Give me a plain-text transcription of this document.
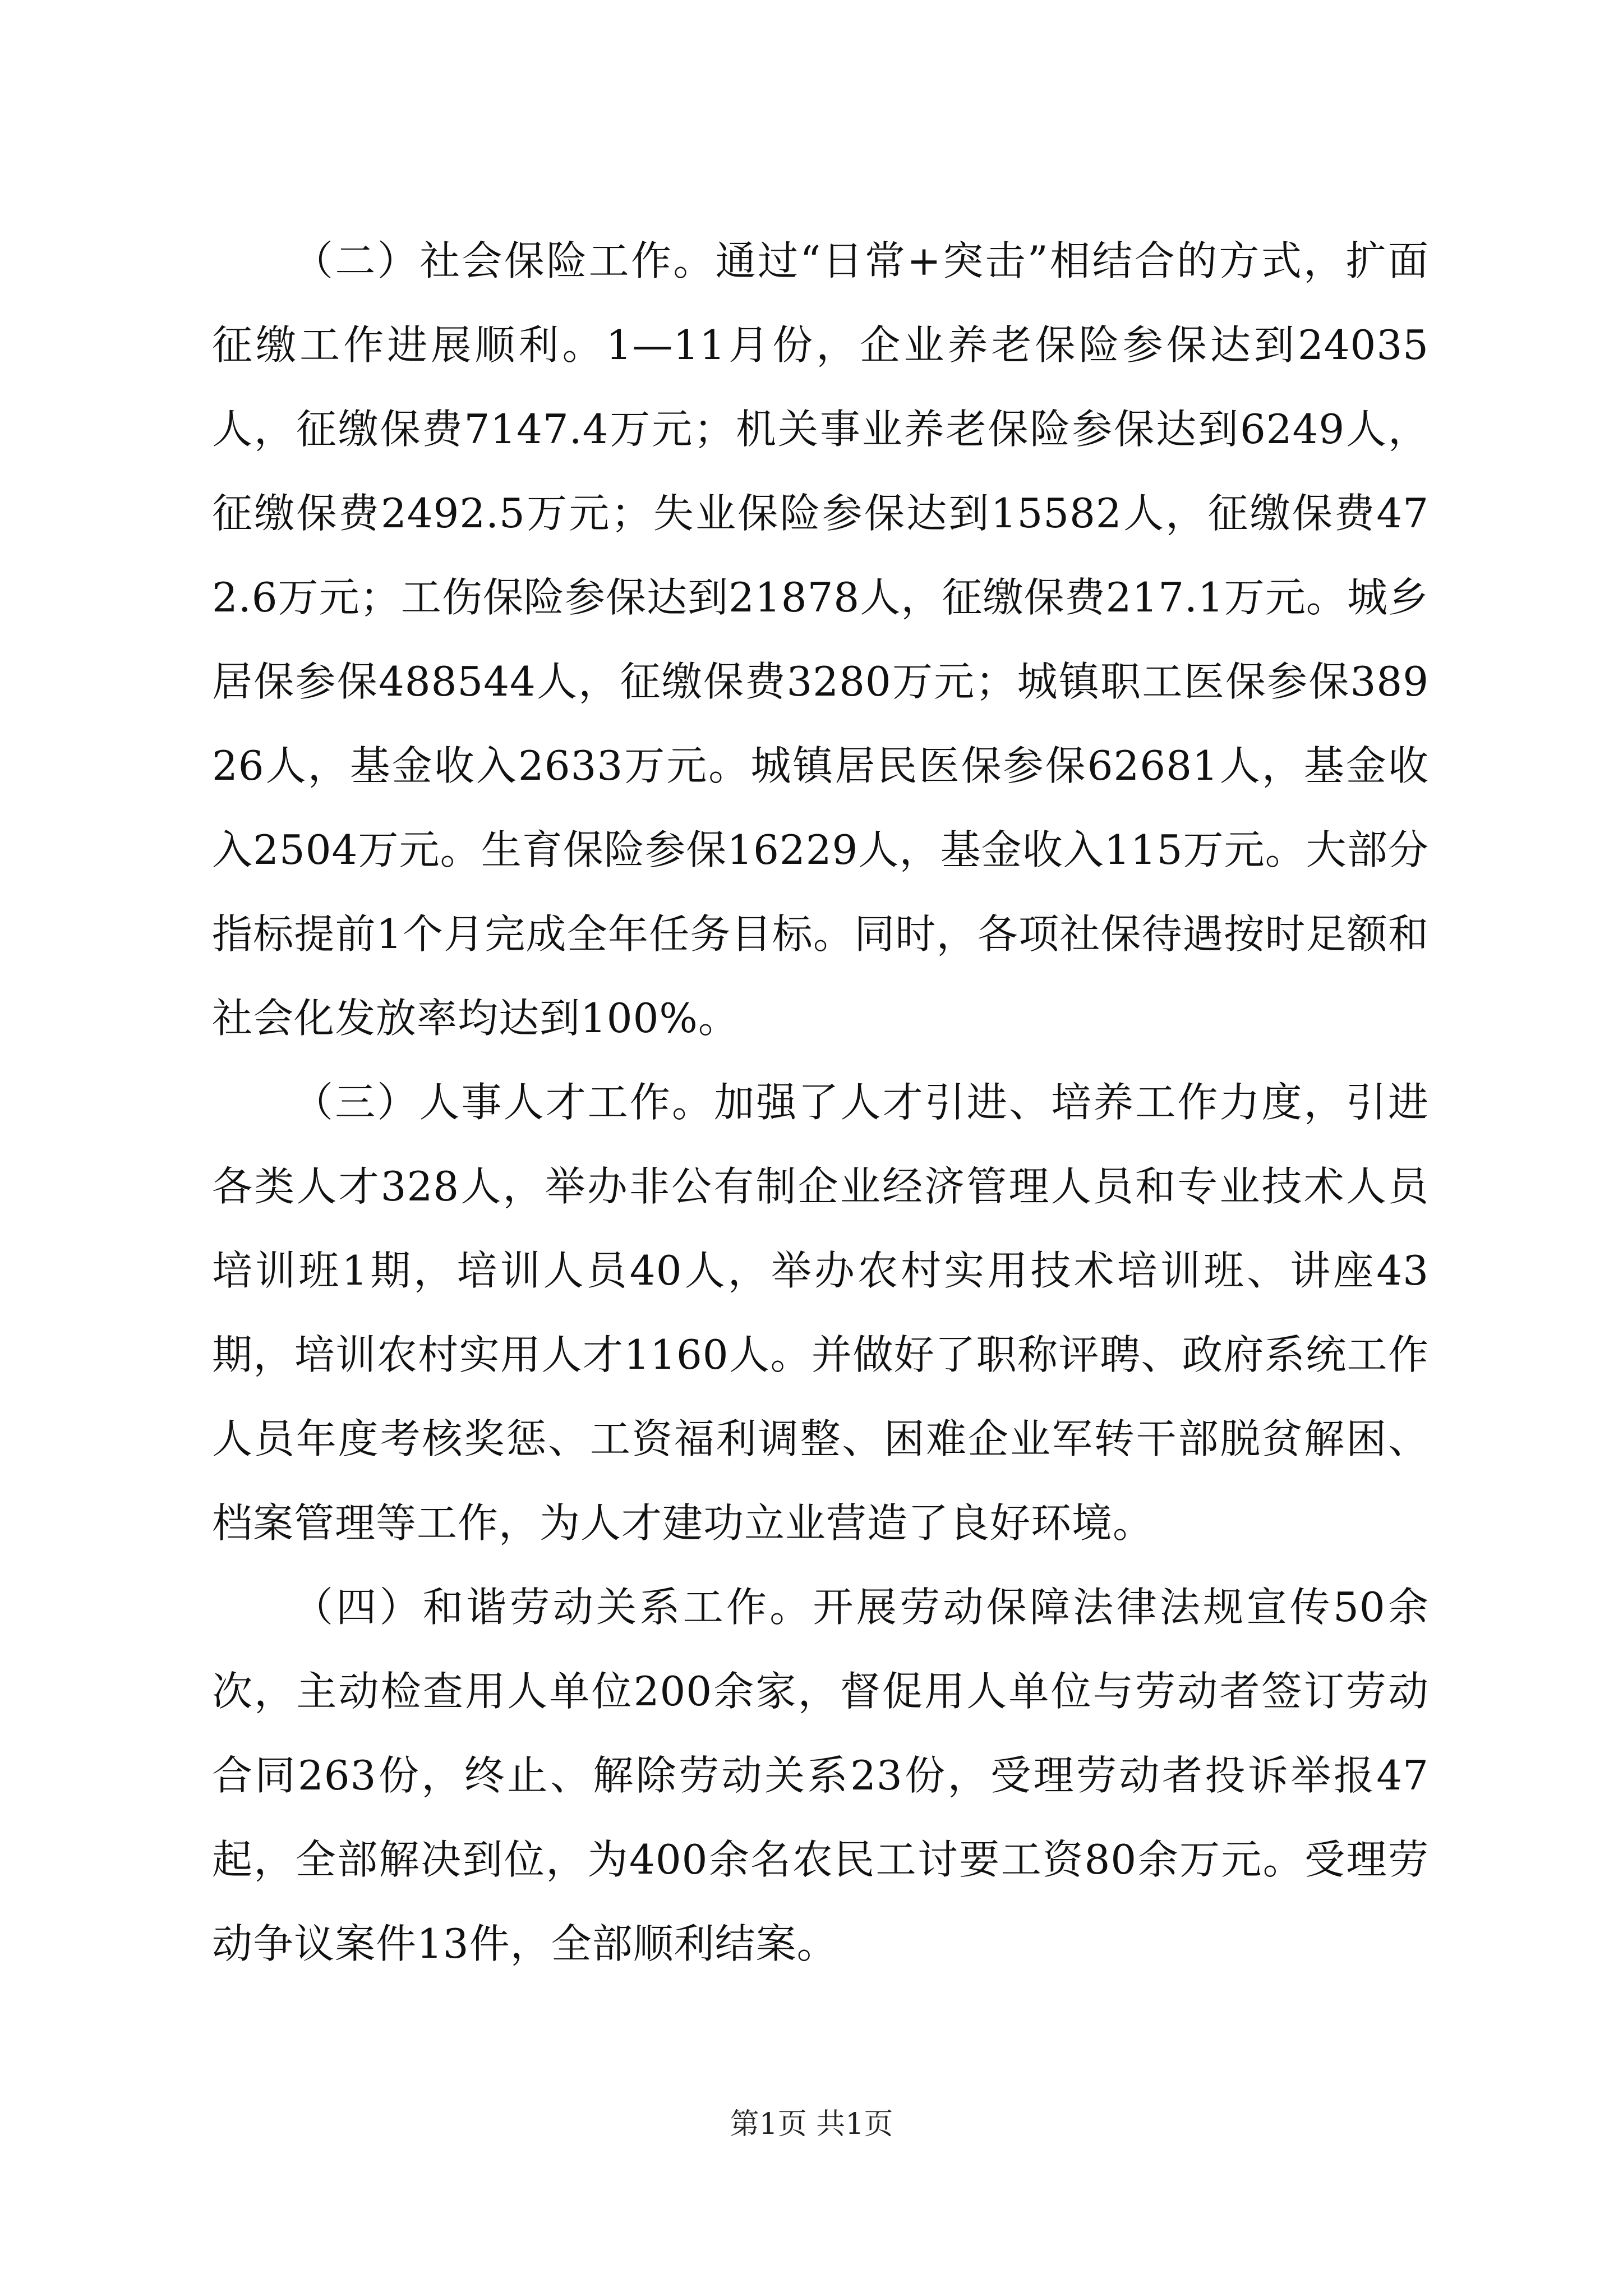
（二）社会保险工作。通过“日常+突击”相结合的方式，扩面征缴工作进展顺利。1—11月份，企业养老保险参保达到24035人，征缴保费7147.4万元；机关事业养老保险参保达到6249人，征缴保费2492.5万元；失业保险参保达到15582人，征缴保费472.6万元；工伤保险参保达到21878人，征缴保费217.1万元。城乡居保参保488544人，征缴保费3280万元；城镇职工医保参保38926人，基金收入2633万元。城镇居民医保参保62681人，基金收入2504万元。生育保险参保16229人，基金收入115万元。大部分指标提前1个月完成全年任务目标。同时，各项社保待遇按时足额和社会化发放率均达到100%。

（三）人事人才工作。加强了人才引进、培养工作力度，引进各类人才328人，举办非公有制企业经济管理人员和专业技术人员培训班1期，培训人员40人，举办农村实用技术培训班、讲座43期，培训农村实用人才1160人。并做好了职称评聘、政府系统工作人员年度考核奖惩、工资福利调整、困难企业军转干部脱贫解困、档案管理等工作，为人才建功立业营造了良好环境。

（四）和谐劳动关系工作。开展劳动保障法律法规宣传50余次，主动检查用人单位200余家，督促用人单位与劳动者签订劳动合同263份，终止、解除劳动关系23份，受理劳动者投诉举报47起，全部解决到位，为400余名农民工讨要工资80余万元。受理劳动争议案件13件，全部顺利结案。

第1页 共1页
